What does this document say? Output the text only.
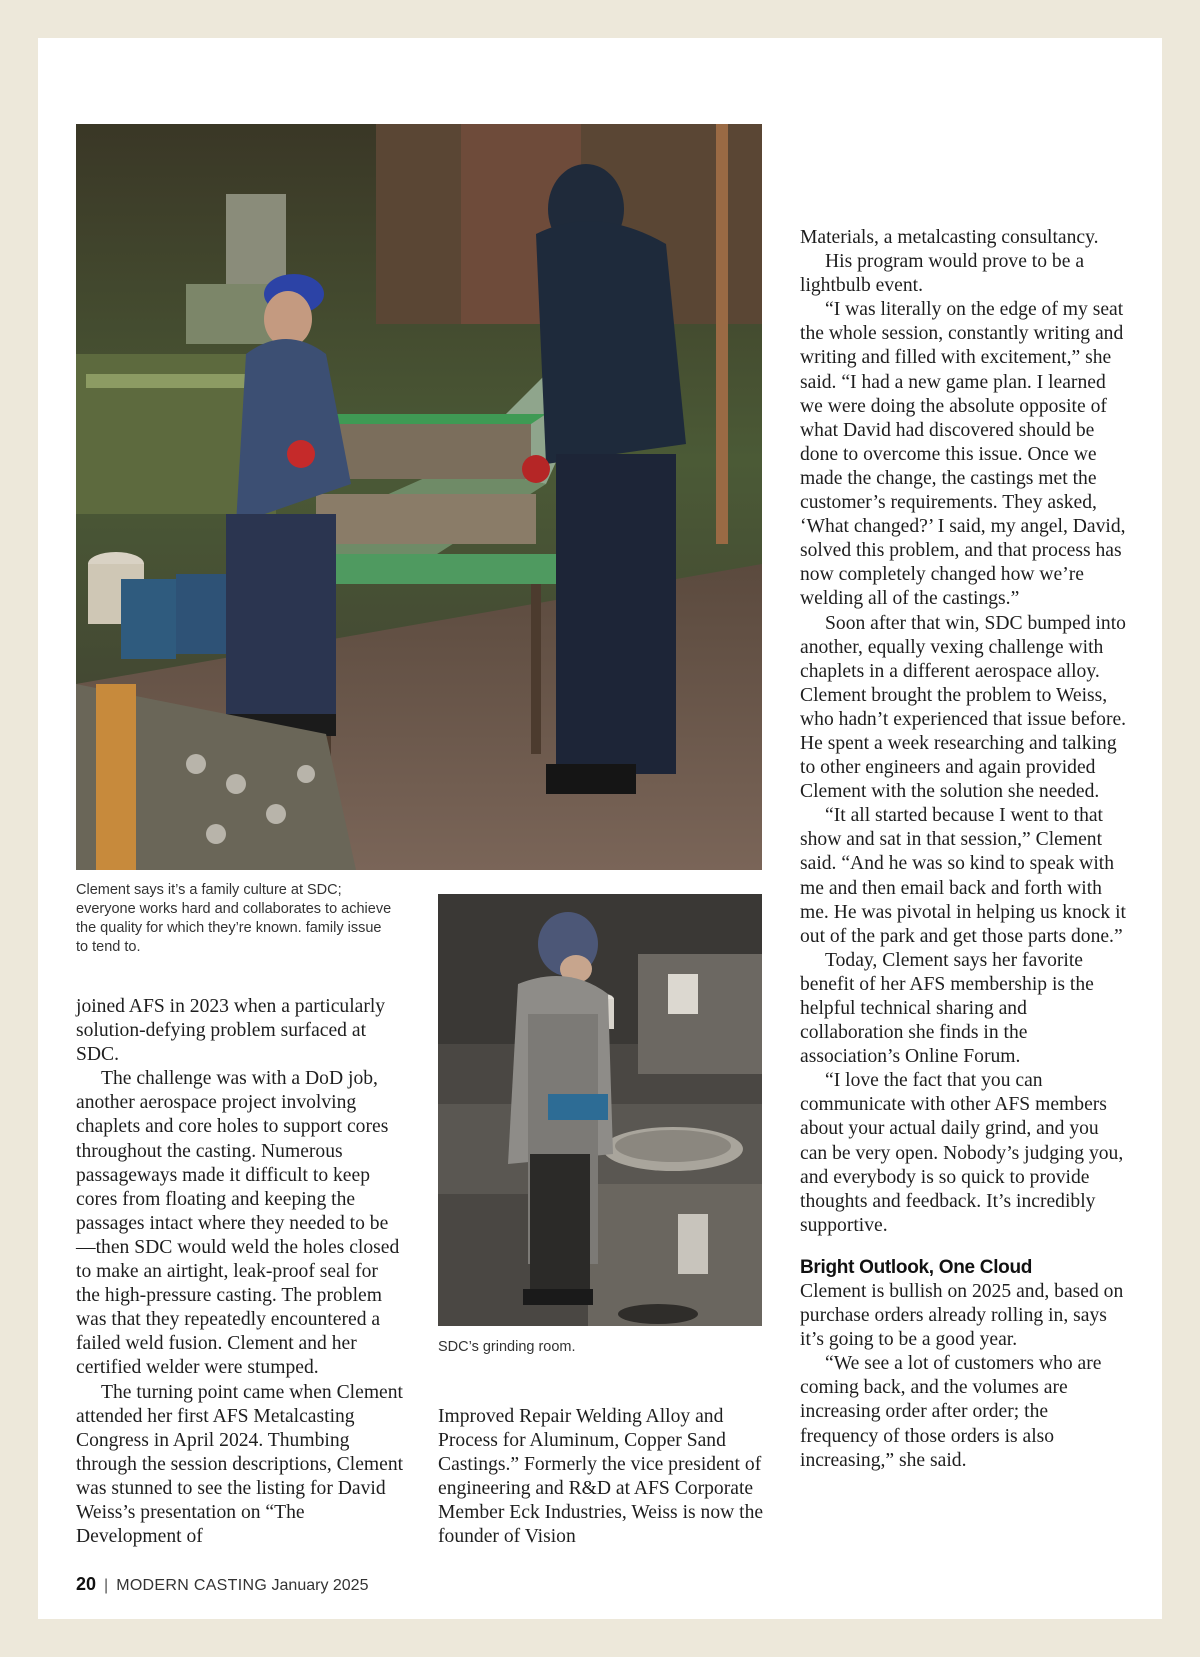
Clement says it’s a family culture at SDC; everyone works hard and collaborates to achieve the quality for which they’re known. family issue to tend to.

SDC’s grinding room.

joined AFS in 2023 when a particularly solution-defying problem surfaced at SDC.

The challenge was with a DoD job, another aerospace project involving chaplets and core holes to support cores throughout the casting. Numerous passageways made it difficult to keep cores from floating and keeping the passages intact where they needed to be—then SDC would weld the holes closed to make an airtight, leak-proof seal for the high-pressure casting. The problem was that they repeatedly encountered a failed weld fusion. Clement and her certified welder were stumped.

The turning point came when Clement attended her first AFS Metalcasting Congress in April 2024. Thumbing through the session descriptions, Clement was stunned to see the listing for David Weiss’s presentation on “The Development of

Improved Repair Welding Alloy and Process for Aluminum, Copper Sand Castings.” Formerly the vice president of engineering and R&D at AFS Corporate Member Eck Industries, Weiss is now the founder of Vision

Materials, a metalcasting consultancy.

His program would prove to be a lightbulb event.

“I was literally on the edge of my seat the whole session, constantly writing and writing and filled with excitement,” she said. “I had a new game plan. I learned we were doing the absolute opposite of what David had discovered should be done to overcome this issue. Once we made the change, the castings met the customer’s requirements. They asked, ‘What changed?’ I said, my angel, David, solved this problem, and that process has now completely changed how we’re welding all of the castings.”

Soon after that win, SDC bumped into another, equally vexing challenge with chaplets in a different aerospace alloy. Clement brought the problem to Weiss, who hadn’t experienced that issue before. He spent a week researching and talking to other engineers and again provided Clement with the solution she needed.

“It all started because I went to that show and sat in that session,” Clement said. “And he was so kind to speak with me and then email back and forth with me. He was pivotal in helping us knock it out of the park and get those parts done.”

Today, Clement says her favorite benefit of her AFS membership is the helpful technical sharing and collaboration she finds in the association’s Online Forum.

“I love the fact that you can communicate with other AFS members about your actual daily grind, and you can be very open. Nobody’s judging you, and everybody is so quick to provide thoughts and feedback. It’s incredibly supportive.

Bright Outlook, One Cloud

Clement is bullish on 2025 and, based on purchase orders already rolling in, says it’s going to be a good year.

“We see a lot of customers who are coming back, and the volumes are increasing order after order; the frequency of those orders is also increasing,” she said.

20 | MODERN CASTING January 2025
